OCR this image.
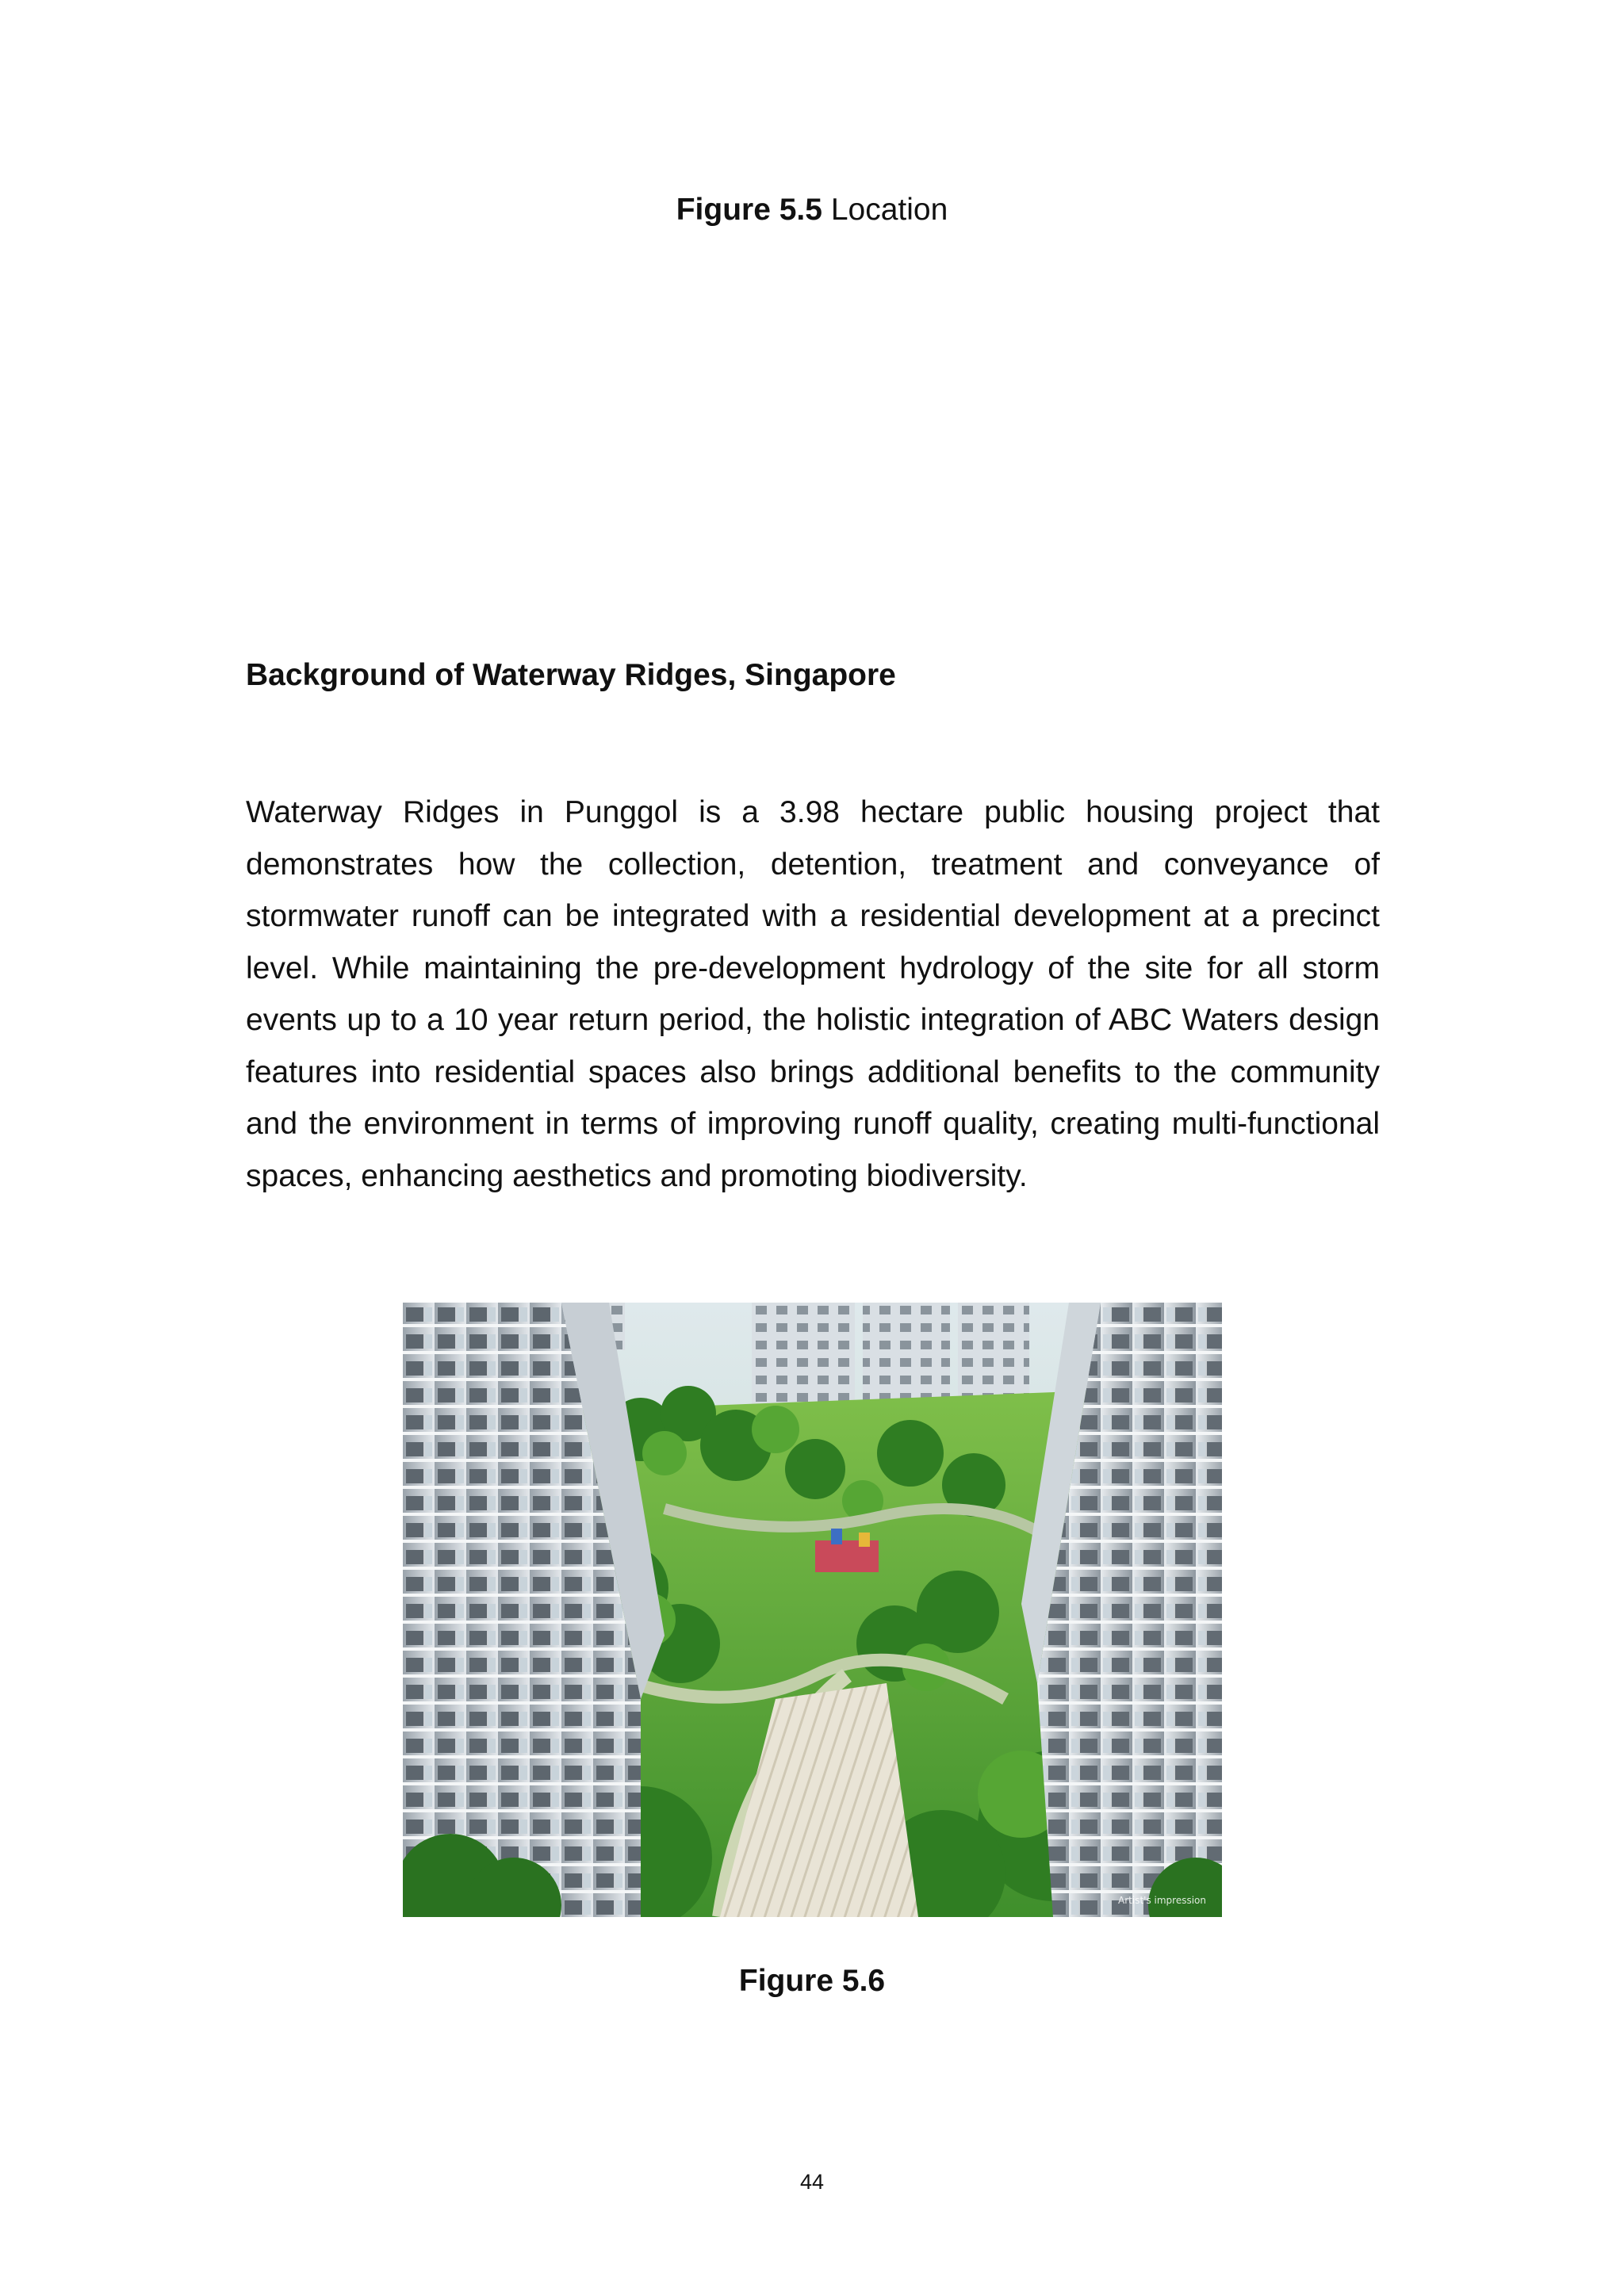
Figure 5.5 Location
Background of Waterway Ridges, Singapore

Waterway Ridges in Punggol is a 3.98 hectare public housing project that demonstrates how the collection, detention, treatment and conveyance of stormwater runoff can be integrated with a residential development at a precinct level. While maintaining the pre-development hydrology of the site for all storm events up to a 10 year return period, the holistic integration of ABC Waters design features into residential spaces also brings additional benefits to the community and the environment in terms of improving runoff quality, creating multi-functional spaces, enhancing aesthetics and promoting biodiversity.

Artist's impression
Figure 5.6
44
